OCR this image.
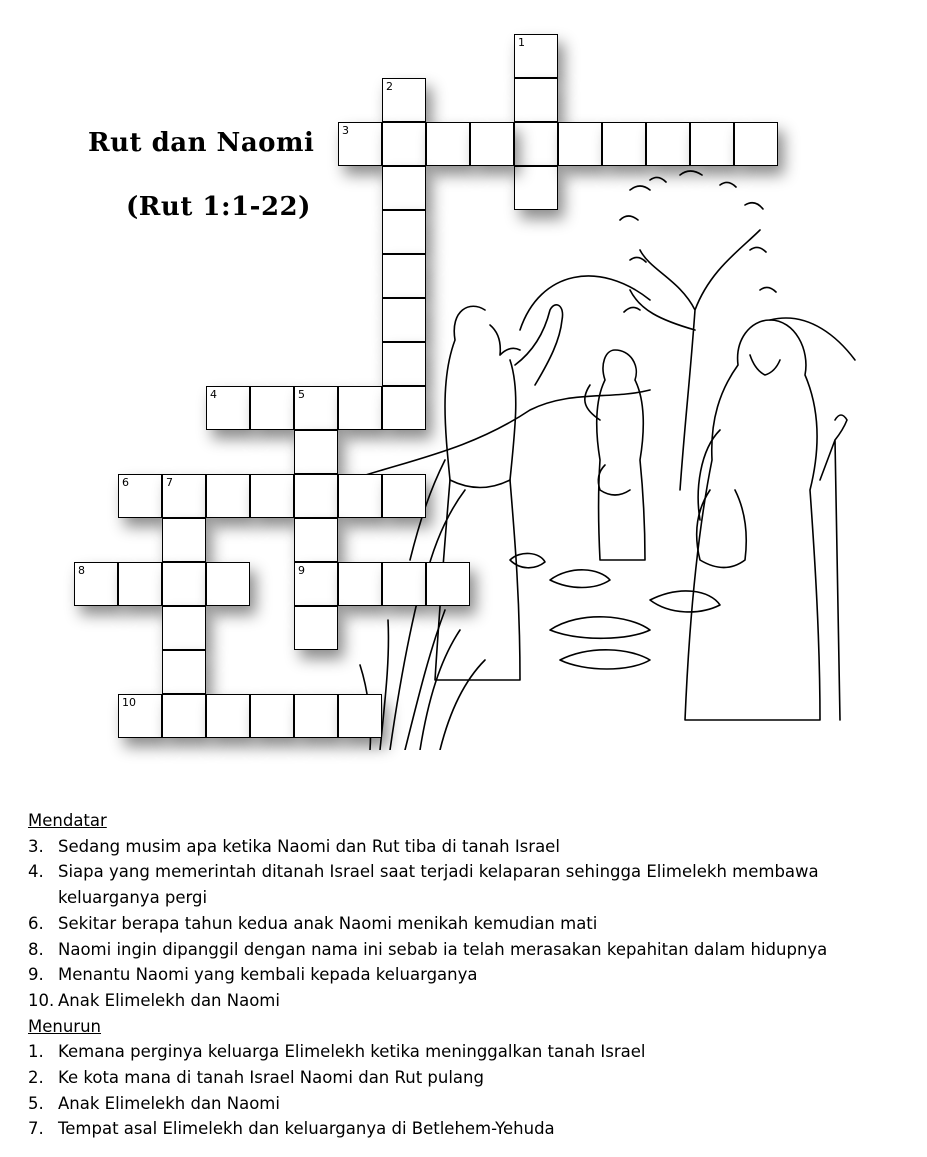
Rut dan Naomi
(Rut 1:1-22)
1
2
3
4	5
6	7
8	9
10
Mendatar
3. Sedang musim apa ketika Naomi dan Rut tiba di tanah Israel
4. Siapa yang memerintah ditanah Israel saat terjadi kelaparan sehingga Elimelekh membawa keluarganya pergi
6. Sekitar berapa tahun kedua anak Naomi menikah kemudian mati
8. Naomi ingin dipanggil dengan nama ini sebab ia telah merasakan kepahitan dalam hidupnya
9. Menantu Naomi yang kembali kepada keluarganya
10. Anak Elimelekh dan Naomi
Menurun
1. Kemana perginya keluarga Elimelekh ketika meninggalkan tanah Israel
2. Ke kota mana di tanah Israel Naomi dan Rut pulang
5. Anak Elimelekh dan Naomi
7. Tempat asal Elimelekh dan keluarganya di Betlehem-Yehuda
